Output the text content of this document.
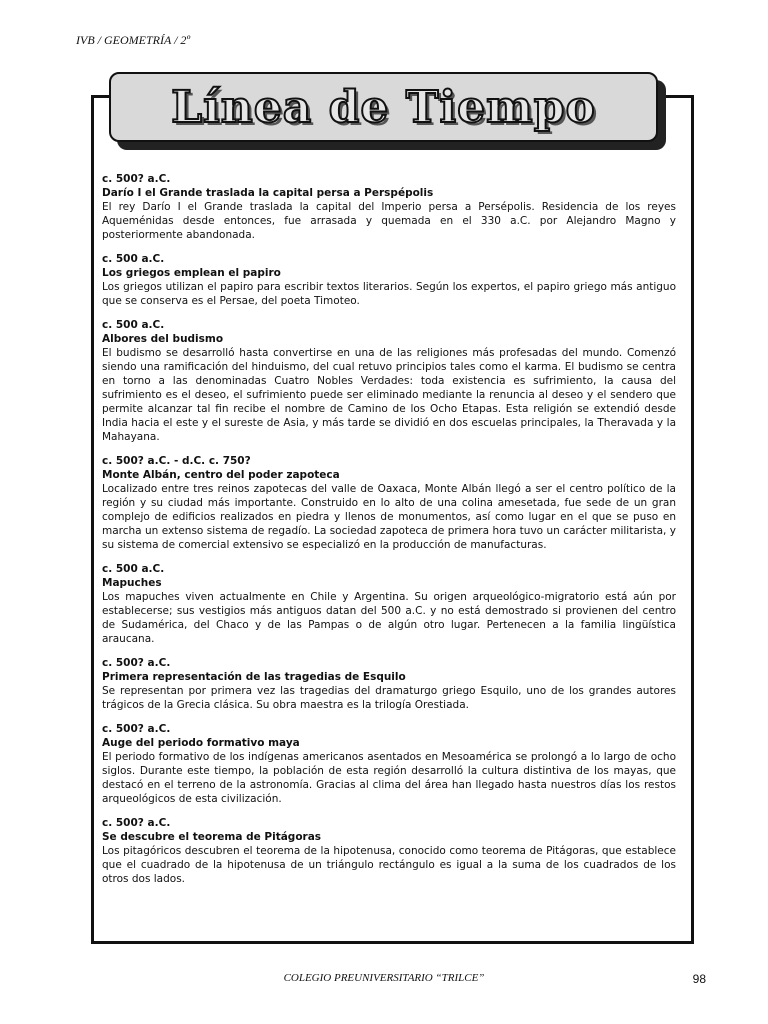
IVB / GEOMETRÍA / 2º
Línea de Tiempo
c. 500? a.C.
Darío I el Grande traslada la capital persa a Perspépolis
El rey Darío I el Grande traslada la capital del Imperio persa a Persépolis. Residencia de los reyes Aqueménidas desde entonces, fue arrasada y quemada en el 330 a.C. por Alejandro Magno y posteriormente abandonada.
c. 500 a.C.
Los griegos emplean el papiro
Los griegos utilizan el papiro para escribir textos literarios. Según los expertos, el papiro griego más antiguo que se conserva es el Persae, del poeta Timoteo.
c. 500 a.C.
Albores del budismo
El budismo se desarrolló hasta convertirse en una de las religiones más profesadas del mundo. Comenzó siendo una ramificación del hinduismo, del cual retuvo principios tales como el karma. El budismo se centra en torno a las denominadas Cuatro Nobles Verdades: toda existencia es sufrimiento, la causa del sufrimiento es el deseo, el sufrimiento puede ser eliminado mediante la renuncia al deseo y el sendero que permite alcanzar tal fin recibe el nombre de Camino de los Ocho Etapas. Esta religión se extendió desde India hacia el este y el sureste de Asia, y más tarde se dividió en dos escuelas principales, la Theravada y la Mahayana.
c. 500? a.C. - d.C. c. 750?
Monte Albán, centro del poder zapoteca
Localizado entre tres reinos zapotecas del valle de Oaxaca, Monte Albán llegó a ser el centro político de la región y su ciudad más importante. Construido en lo alto de una colina amesetada, fue sede de un gran complejo de edificios realizados en piedra y llenos de monumentos, así como lugar en el que se puso en marcha un extenso sistema de regadío. La sociedad zapoteca de primera hora tuvo un carácter militarista, y su sistema de comercial extensivo se especializó en la producción de manufacturas.
c. 500 a.C.
Mapuches
Los mapuches viven actualmente en Chile y Argentina. Su origen arqueológico-migratorio está aún por establecerse; sus vestigios más antiguos datan del 500 a.C. y no está demostrado si provienen del centro de Sudamérica, del Chaco y de las Pampas o de algún otro lugar. Pertenecen a la familia lingüística araucana.
c. 500? a.C.
Primera representación de las tragedias de Esquilo
Se representan por primera vez las tragedias del dramaturgo griego Esquilo, uno de los grandes autores trágicos de la Grecia clásica. Su obra maestra es la trilogía Orestiada.
c. 500? a.C.
Auge del periodo formativo maya
El periodo formativo de los indígenas americanos asentados en Mesoamérica se prolongó a lo largo de ocho siglos. Durante este tiempo, la población de esta región desarrolló la cultura distintiva de los mayas, que destacó en el terreno de la astronomía. Gracias al clima del área han llegado hasta nuestros días los restos arqueológicos de esta civilización.
c. 500? a.C.
Se descubre el teorema de Pitágoras
Los pitagóricos descubren el teorema de la hipotenusa, conocido como teorema de Pitágoras, que establece que el cuadrado de la hipotenusa de un triángulo rectángulo es igual a la suma de los cuadrados de los otros dos lados.
COLEGIO PREUNIVERSITARIO “TRILCE”	98
